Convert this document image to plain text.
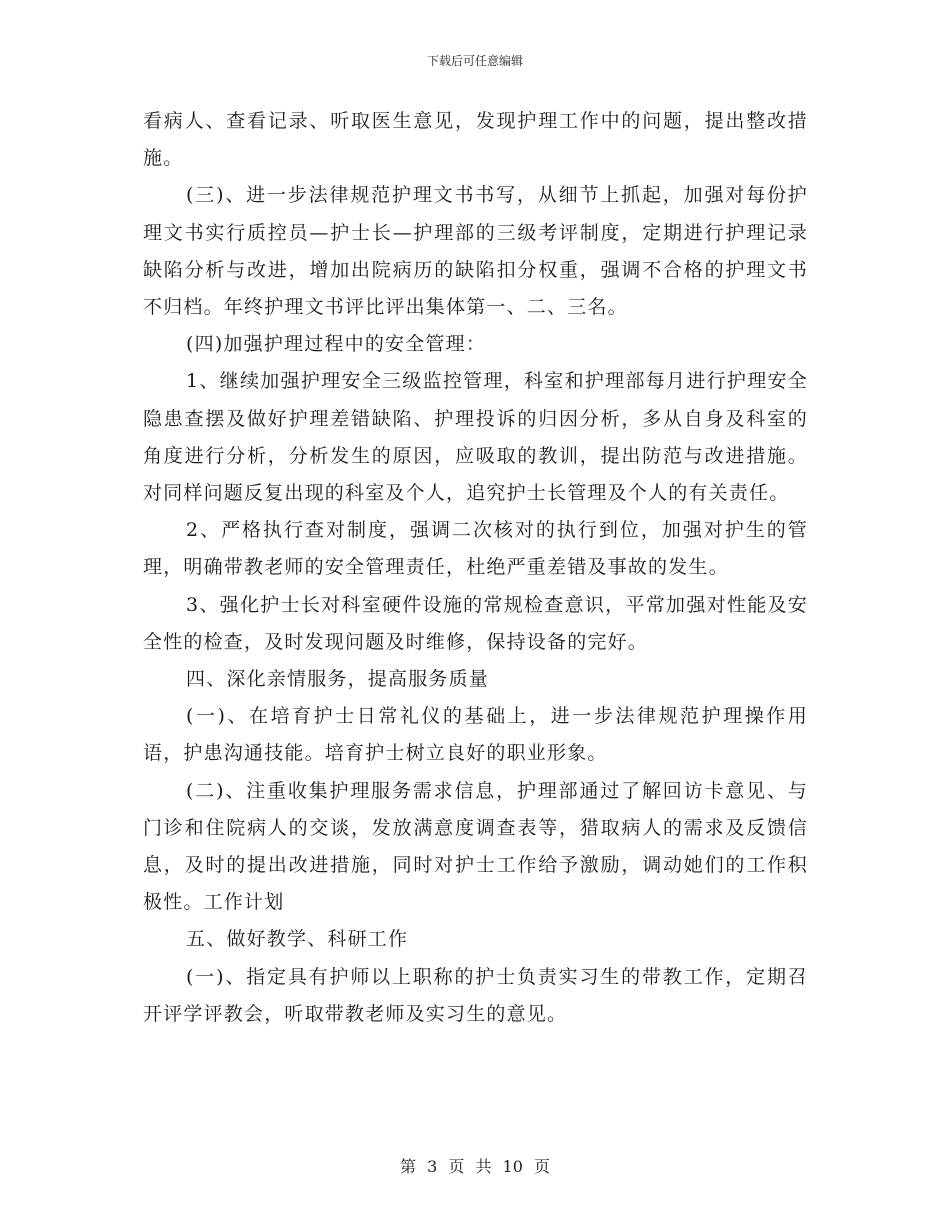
下载后可任意编辑

看病人、查看记录、听取医生意见，发现护理工作中的问题，提出整改措施。

(三)、进一步法律规范护理文书书写，从细节上抓起，加强对每份护理文书实行质控员—护士长—护理部的三级考评制度，定期进行护理记录缺陷分析与改进，增加出院病历的缺陷扣分权重，强调不合格的护理文书不归档。年终护理文书评比评出集体第一、二、三名。

(四)加强护理过程中的安全管理：

1、继续加强护理安全三级监控管理，科室和护理部每月进行护理安全隐患查摆及做好护理差错缺陷、护理投诉的归因分析，多从自身及科室的角度进行分析，分析发生的原因，应吸取的教训，提出防范与改进措施。对同样问题反复出现的科室及个人，追究护士长管理及个人的有关责任。

2、严格执行查对制度，强调二次核对的执行到位，加强对护生的管理，明确带教老师的安全管理责任，杜绝严重差错及事故的发生。

3、强化护士长对科室硬件设施的常规检查意识，平常加强对性能及安全性的检查，及时发现问题及时维修，保持设备的完好。

四、深化亲情服务，提高服务质量

(一)、在培育护士日常礼仪的基础上，进一步法律规范护理操作用语，护患沟通技能。培育护士树立良好的职业形象。

(二)、注重收集护理服务需求信息，护理部通过了解回访卡意见、与门诊和住院病人的交谈，发放满意度调查表等，猎取病人的需求及反馈信息，及时的提出改进措施，同时对护士工作给予激励，调动她们的工作积极性。工作计划

五、做好教学、科研工作

(一)、指定具有护师以上职称的护士负责实习生的带教工作，定期召开评学评教会，听取带教老师及实习生的意见。

第 3 页 共 10 页
